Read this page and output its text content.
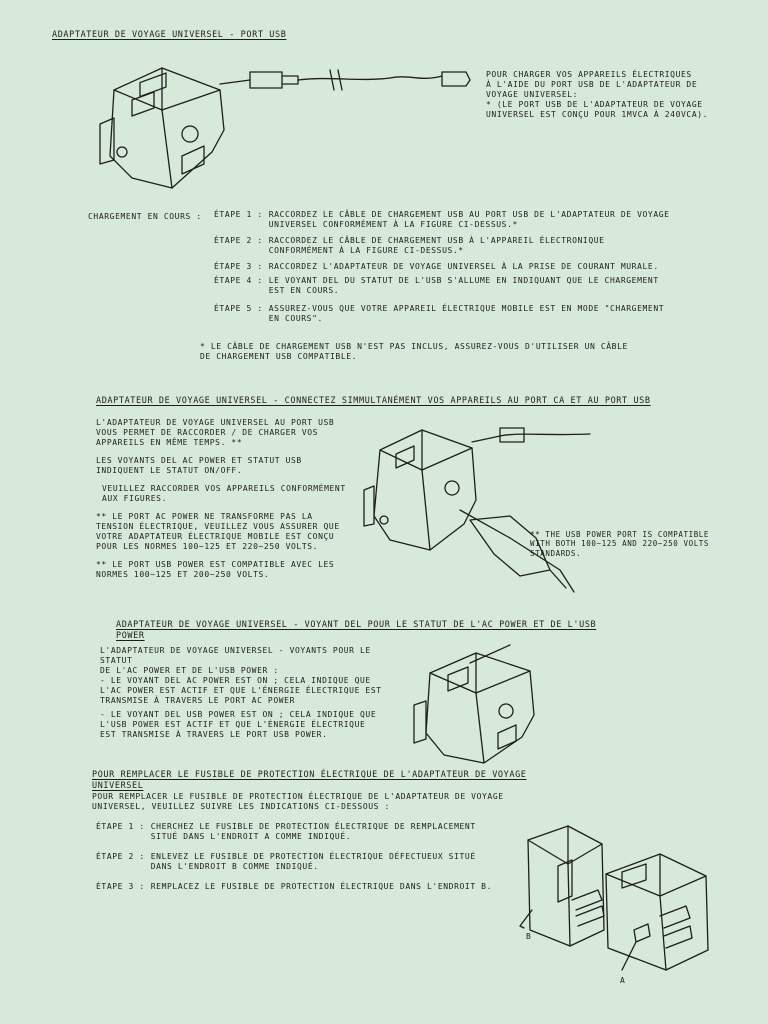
ADAPTATEUR DE VOYAGE UNIVERSEL - PORT USB
POUR CHARGER VOS APPAREILS ÉLECTRIQUES
À L'AIDE DU PORT USB DE L'ADAPTATEUR DE
VOYAGE UNIVERSEL:
* (LE PORT USB DE L'ADAPTATEUR DE VOYAGE
UNIVERSEL EST CONÇU POUR 1MVCA À 240VCA).
CHARGEMENT EN COURS : ÉTAPE 1 : RACCORDEZ LE CÂBLE DE CHARGEMENT USB AU PORT USB DE L'ADAPTATEUR DE VOYAGE UNIVERSEL CONFORMÉMENT À LA FIGURE CI-DESSUS.*
ÉTAPE 2 : RACCORDEZ LE CÂBLE DE CHARGEMENT USB À L'APPAREIL ÉLECTRONIQUE CONFORMÉMENT À LA FIGURE CI-DESSUS.*
ÉTAPE 3 : RACCORDEZ L'ADAPTATEUR DE VOYAGE UNIVERSEL À LA PRISE DE COURANT MURALE.
ÉTAPE 4 : LE VOYANT DEL DU STATUT DE L'USB S'ALLUME EN INDIQUANT QUE LE CHARGEMENT EST EN COURS.
ÉTAPE 5 : ASSUREZ-VOUS QUE VOTRE APPAREIL ÉLECTRIQUE MOBILE EST EN MODE "CHARGEMENT EN COURS".
* LE CÂBLE DE CHARGEMENT USB N'EST PAS INCLUS, ASSUREZ-VOUS D'UTILISER UN CÂBLE DE CHARGEMENT USB COMPATIBLE.
ADAPTATEUR DE VOYAGE UNIVERSEL - CONNECTEZ SIMMULTANÉMENT VOS APPAREILS AU PORT CA ET AU PORT USB
L'ADAPTATEUR DE VOYAGE UNIVERSEL AU PORT USB VOUS PERMET DE RACCORDER / DE CHARGER VOS APPAREILS EN MÊME TEMPS. **
LES VOYANTS DEL AC POWER ET STATUT USB INDIQUENT LE STATUT ON/OFF.
VEUILLEZ RACCORDER VOS APPAREILS CONFORMÉMENT AUX FIGURES.
** LE PORT AC POWER NE TRANSFORME PAS LA TENSION ÉLECTRIQUE, VEUILLEZ VOUS ASSURER QUE VOTRE ADAPTATEUR ÉLECTRIQUE MOBILE EST CONÇU POUR LES NORMES 100~125 ET 220~250 VOLTS.
** LE PORT USB POWER EST COMPATIBLE AVEC LES NORMES 100~125 ET 200~250 VOLTS.
** THE USB POWER PORT IS COMPATIBLE WITH BOTH 100~125 AND 220~250 VOLTS STANDARDS.
ADAPTATEUR DE VOYAGE UNIVERSEL - VOYANT DEL POUR LE STATUT DE L'AC POWER ET DE L'USB POWER
L'ADAPTATEUR DE VOYAGE UNIVERSEL - VOYANTS POUR LE STATUT
DE L'AC POWER ET DE L'USB POWER :
- LE VOYANT DEL AC POWER EST ON ; CELA INDIQUE QUE
L'AC POWER EST ACTIF ET QUE L'ÉNERGIE ÉLECTRIQUE EST
TRANSMISE À TRAVERS LE PORT AC POWER
- LE VOYANT DEL USB POWER EST ON ; CELA INDIQUE QUE
L'USB POWER EST ACTIF ET QUE L'ÉNERGIE ÉLECTRIQUE
EST TRANSMISE À TRAVERS LE PORT USB POWER.
POUR REMPLACER LE FUSIBLE DE PROTECTION ÉLECTRIQUE DE L'ADAPTATEUR DE VOYAGE UNIVERSEL
POUR REMPLACER LE FUSIBLE DE PROTECTION ÉLECTRIQUE DE L'ADAPTATEUR DE VOYAGE UNIVERSEL, VEUILLEZ SUIVRE LES INDICATIONS CI-DESSOUS :
ÉTAPE 1 : CHERCHEZ LE FUSIBLE DE PROTECTION ÉLECTRIQUE DE REMPLACEMENT SITUÉ DANS L'ENDROIT A COMME INDIQUÉ.
ÉTAPE 2 : ENLEVEZ LE FUSIBLE DE PROTECTION ÉLECTRIQUE DÉFECTUEUX SITUÉ DANS L'ENDROIT B COMME INDIQUÉ.
ÉTAPE 3 : REMPLACEZ LE FUSIBLE DE PROTECTION ÉLECTRIQUE DANS L'ENDROIT B.
B
A
